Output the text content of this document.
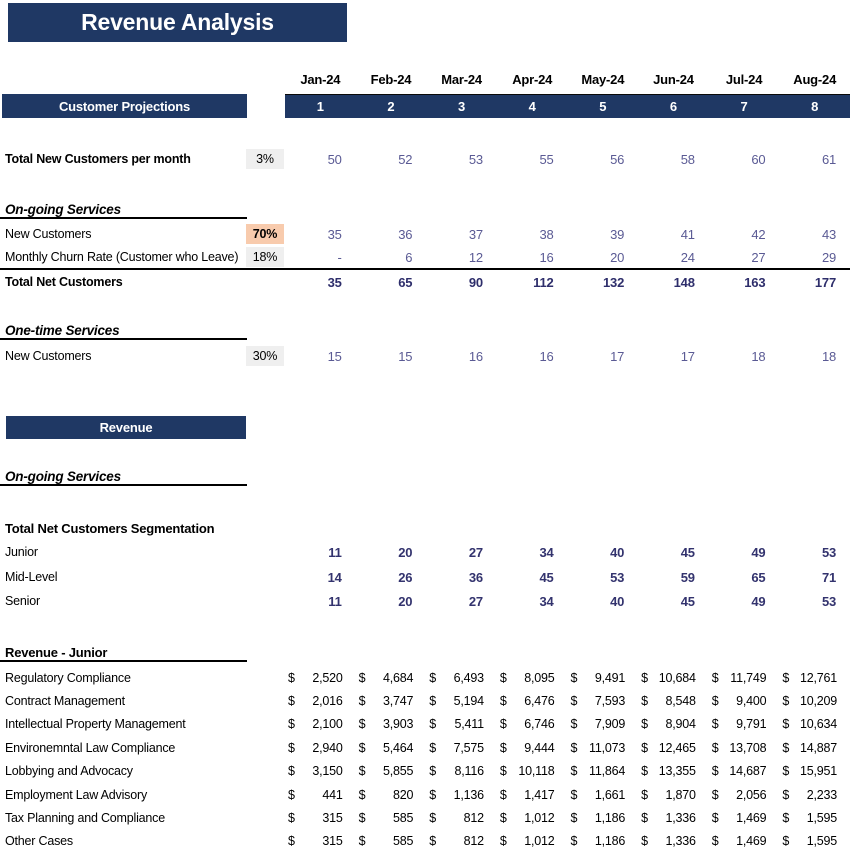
Revenue Analysis
Jan-24	Feb-24	Mar-24	Apr-24	May-24	Jun-24	Jul-24	Aug-24
Customer Projections	1	2	3	4	5	6	7	8
Total New Customers per month	3%	50	52	53	55	56	58	60	61
On-going Services
New Customers	70%	35	36	37	38	39	41	42	43
Monthly Churn Rate (Customer who Leave)	18%	-	6	12	16	20	24	27	29
Total Net Customers	35	65	90	112	132	148	163	177
One-time Services
New Customers	30%	15	15	16	16	17	17	18	18
Revenue
On-going Services
Total Net Customers Segmentation
Junior	11	20	27	34	40	45	49	53
Mid-Level	14	26	36	45	53	59	65	71
Senior	11	20	27	34	40	45	49	53
Revenue - Junior
Regulatory Compliance	$ 2,520 $ 4,684 $ 6,493 $ 8,095 $ 9,491 $ 10,684 $ 11,749 $ 12,761
Contract Management	$ 2,016 $ 3,747 $ 5,194 $ 6,476 $ 7,593 $ 8,548 $ 9,400 $ 10,209
Intellectual Property Management	$ 2,100 $ 3,903 $ 5,411 $ 6,746 $ 7,909 $ 8,904 $ 9,791 $ 10,634
Environemntal Law Compliance	$ 2,940 $ 5,464 $ 7,575 $ 9,444 $ 11,073 $ 12,465 $ 13,708 $ 14,887
Lobbying and Advocacy	$ 3,150 $ 5,855 $ 8,116 $ 10,118 $ 11,864 $ 13,355 $ 14,687 $ 15,951
Employment Law Advisory	$ 441 $ 820 $ 1,136 $ 1,417 $ 1,661 $ 1,870 $ 2,056 $ 2,233
Tax Planning and Compliance	$ 315 $ 585 $ 812 $ 1,012 $ 1,186 $ 1,336 $ 1,469 $ 1,595
Other Cases	$ 315 $ 585 $ 812 $ 1,012 $ 1,186 $ 1,336 $ 1,469 $ 1,595
